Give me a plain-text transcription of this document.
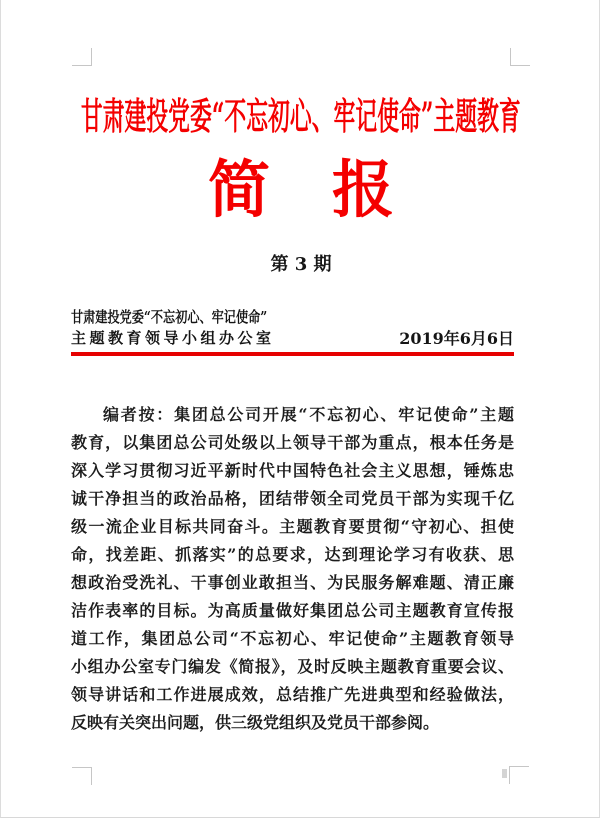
甘肃建投党委“不忘初心、牢记使命”主题教育
简　报
第 3 期
甘肃建投党委“不忘初心、牢记使命”
主题教育领导小组办公室	2019年6月6日
编者按：集团总公司开展“不忘初心、牢记使命”主题
教育，以集团总公司处级以上领导干部为重点，根本任务是
深入学习贯彻习近平新时代中国特色社会主义思想，锤炼忠
诚干净担当的政治品格，团结带领全司党员干部为实现千亿
级一流企业目标共同奋斗。主题教育要贯彻“守初心、担使
命，找差距、抓落实”的总要求，达到理论学习有收获、思
想政治受洗礼、干事创业敢担当、为民服务解难题、清正廉
洁作表率的目标。为高质量做好集团总公司主题教育宣传报
道工作，集团总公司“不忘初心、牢记使命”主题教育领导
小组办公室专门编发《简报》，及时反映主题教育重要会议、
领导讲话和工作进展成效，总结推广先进典型和经验做法，
反映有关突出问题，供三级党组织及党员干部参阅。
